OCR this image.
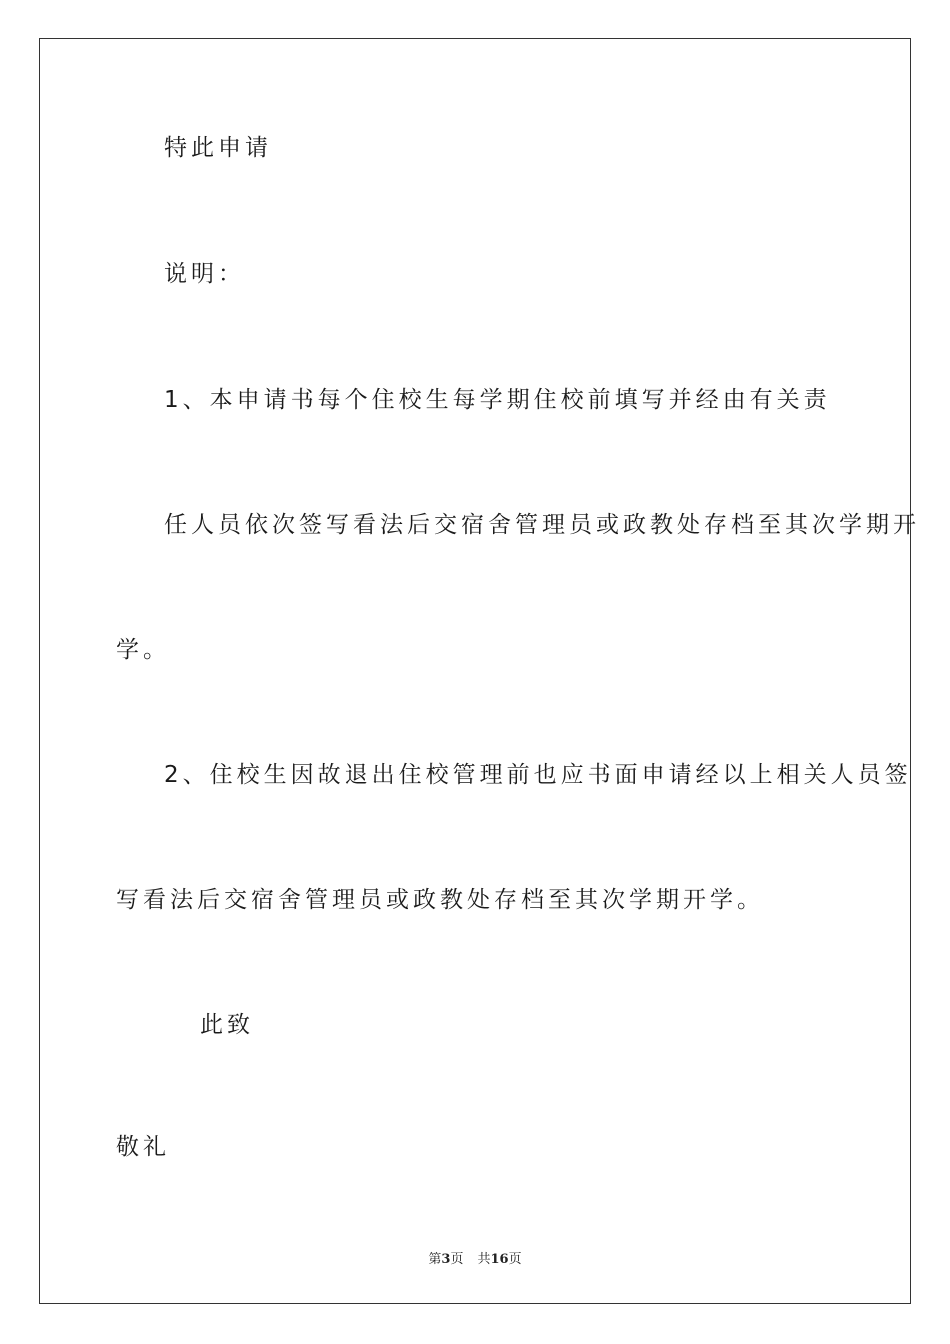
特此申请
说明：
1、本申请书每个住校生每学期住校前填写并经由有关责
任人员依次签写看法后交宿舍管理员或政教处存档至其次学期开
学。
2、住校生因故退出住校管理前也应书面申请经以上相关人员签
写看法后交宿舍管理员或政教处存档至其次学期开学。
此致
敬礼
第3页 共16页
